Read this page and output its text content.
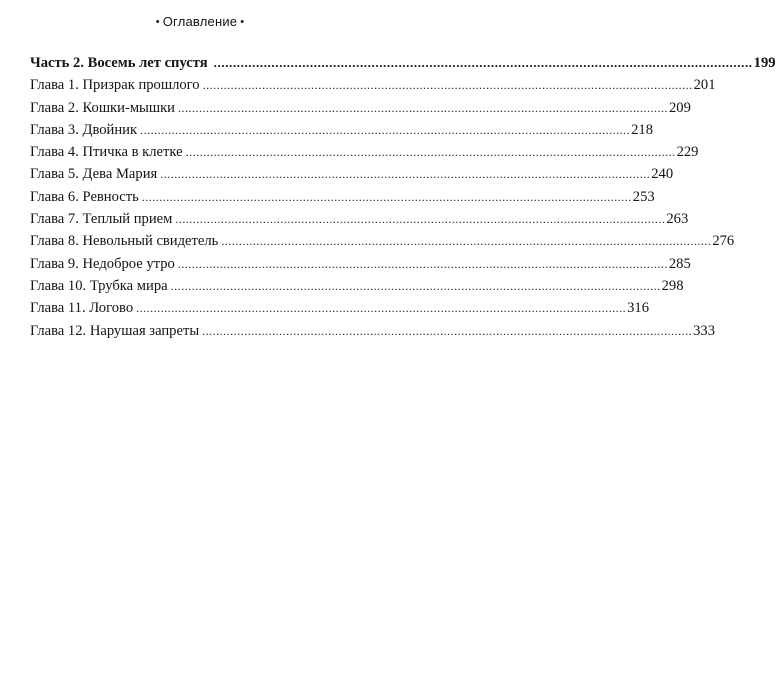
• Оглавление •
Часть 2. Восемь лет спустя ............................................................................................................................................ 199
Глава 1. Призрак прошлого ............................................................................................................................................ 201
Глава 2. Кошки-мышки ............................................................................................................................................ 209
Глава 3. Двойник ............................................................................................................................................ 218
Глава 4. Птичка в клетке ............................................................................................................................................ 229
Глава 5. Дева Мария ............................................................................................................................................ 240
Глава 6. Ревность ............................................................................................................................................ 253
Глава 7. Теплый прием ............................................................................................................................................ 263
Глава 8. Невольный свидетель ............................................................................................................................................ 276
Глава 9. Недоброе утро ............................................................................................................................................ 285
Глава 10. Трубка мира ............................................................................................................................................ 298
Глава 11. Логово ............................................................................................................................................ 316
Глава 12. Нарушая запреты ............................................................................................................................................ 333
